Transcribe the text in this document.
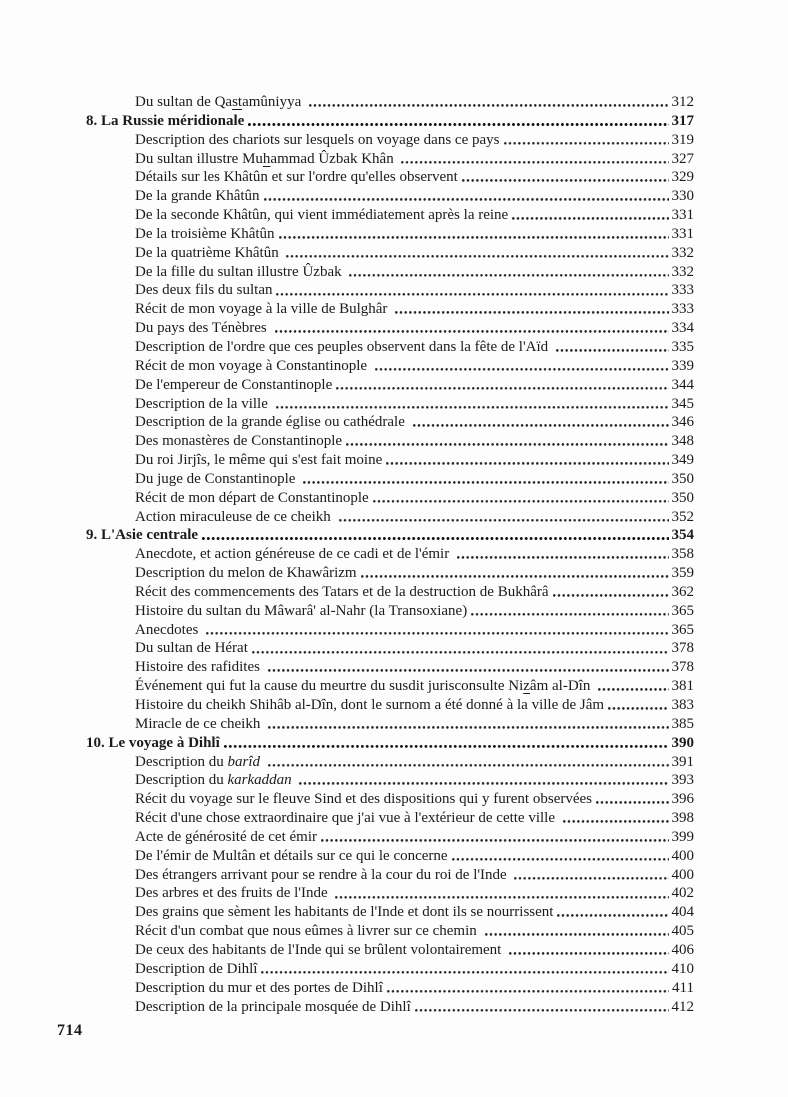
Du sultan de Qastamûniyya	312
8. La Russie méridionale	317
Description des chariots sur lesquels on voyage dans ce pays	319
Du sultan illustre Muhammad Ûzbak Khân	327
Détails sur les Khâtûn et sur l'ordre qu'elles observent	329
De la grande Khâtûn	330
De la seconde Khâtûn, qui vient immédiatement après la reine	331
De la troisième Khâtûn	331
De la quatrième Khâtûn	332
De la fille du sultan illustre Ûzbak	332
Des deux fils du sultan	333
Récit de mon voyage à la ville de Bulghâr	333
Du pays des Ténèbres	334
Description de l'ordre que ces peuples observent dans la fête de l'Aïd	335
Récit de mon voyage à Constantinople	339
De l'empereur de Constantinople	344
Description de la ville	345
Description de la grande église ou cathédrale	346
Des monastères de Constantinople	348
Du roi Jirjîs, le même qui s'est fait moine	349
Du juge de Constantinople	350
Récit de mon départ de Constantinople	350
Action miraculeuse de ce cheikh	352
9. L'Asie centrale	354
Anecdote, et action généreuse de ce cadi et de l'émir	358
Description du melon de Khawârizm	359
Récit des commencements des Tatars et de la destruction de Bukhârâ	362
Histoire du sultan du Mâwarâ' al-Nahr (la Transoxiane)	365
Anecdotes	365
Du sultan de Hérat	378
Histoire des rafidites	378
Événement qui fut la cause du meurtre du susdit jurisconsulte Nizâm al-Dîn	381
Histoire du cheikh Shihâb al-Dîn, dont le surnom a été donné à la ville de Jâm	383
Miracle de ce cheikh	385
10. Le voyage à Dihlî	390
Description du barîd	391
Description du karkaddan	393
Récit du voyage sur le fleuve Sind et des dispositions qui y furent observées	396
Récit d'une chose extraordinaire que j'ai vue à l'extérieur de cette ville	398
Acte de générosité de cet émir	399
De l'émir de Multân et détails sur ce qui le concerne	400
Des étrangers arrivant pour se rendre à la cour du roi de l'Inde	400
Des arbres et des fruits de l'Inde	402
Des grains que sèment les habitants de l'Inde et dont ils se nourrissent	404
Récit d'un combat que nous eûmes à livrer sur ce chemin	405
De ceux des habitants de l'Inde qui se brûlent volontairement	406
Description de Dihlî	410
Description du mur et des portes de Dihlî	411
Description de la principale mosquée de Dihlî	412
714
